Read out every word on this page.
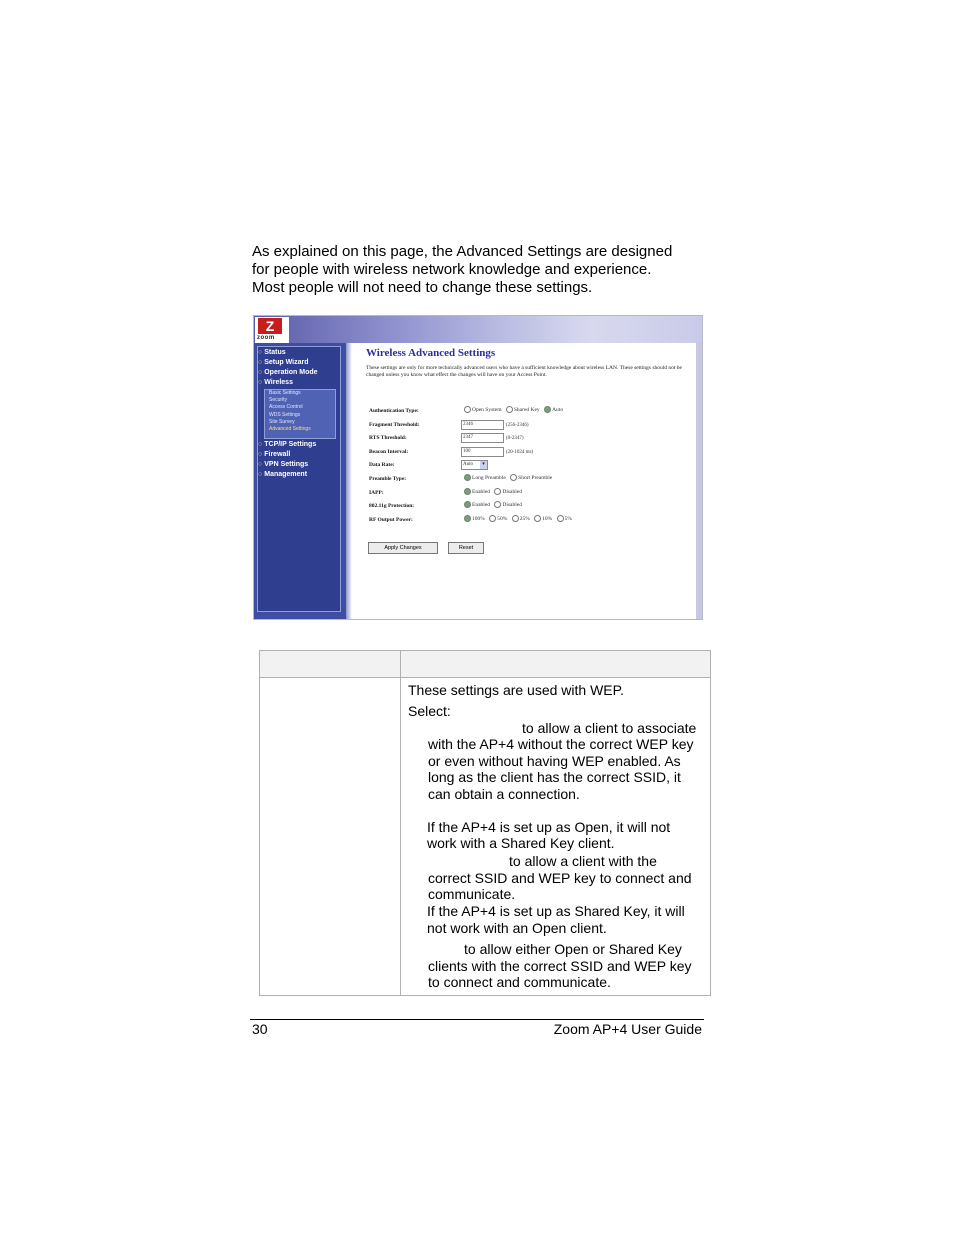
As explained on this page, the Advanced Settings are designed
for people with wireless network knowledge and experience.
Most people will not need to change these settings.
Z
zoom
○ Status
○ Setup Wizard
○ Operation Mode
○ Wireless
Basic Settings
Security
Access Control
WDS Settings
Site Survey
Advanced Settings
○ TCP/IP Settings
○ Firewall
○ VPN Settings
○ Management
Wireless Advanced Settings
These settings are only for more technically advanced users who have a sufficient knowledge about wireless LAN. These settings should not be changed unless you know what effect the changes will have on your Access Point.
Authentication Type:	Open System Shared Key Auto
Fragment Threshold:	2346	(256-2346)
RTS Threshold:	2347	(0-2347)
Beacon Interval:	100	(20-1024 ms)
Data Rate:	Auto	▾
Preamble Type:	Long Preamble Short Preamble
IAPP:	Enabled Disabled
802.11g Protection:	Enabled Disabled
RF Output Power:	100% 50% 25% 10% 5%
Apply Changes	Reset
These settings are used with WEP.
Select:
to allow a client to associate
with the AP+4 without the correct WEP key
or even without having WEP enabled. As
long as the client has the correct SSID, it
can obtain a connection.
If the AP+4 is set up as Open, it will not
work with a Shared Key client.
to allow a client with the
correct SSID and WEP key to connect and
communicate.
If the AP+4 is set up as Shared Key, it will
not work with an Open client.
to allow either Open or Shared Key
clients with the correct SSID and WEP key
to connect and communicate.
30	Zoom AP+4 User Guide
